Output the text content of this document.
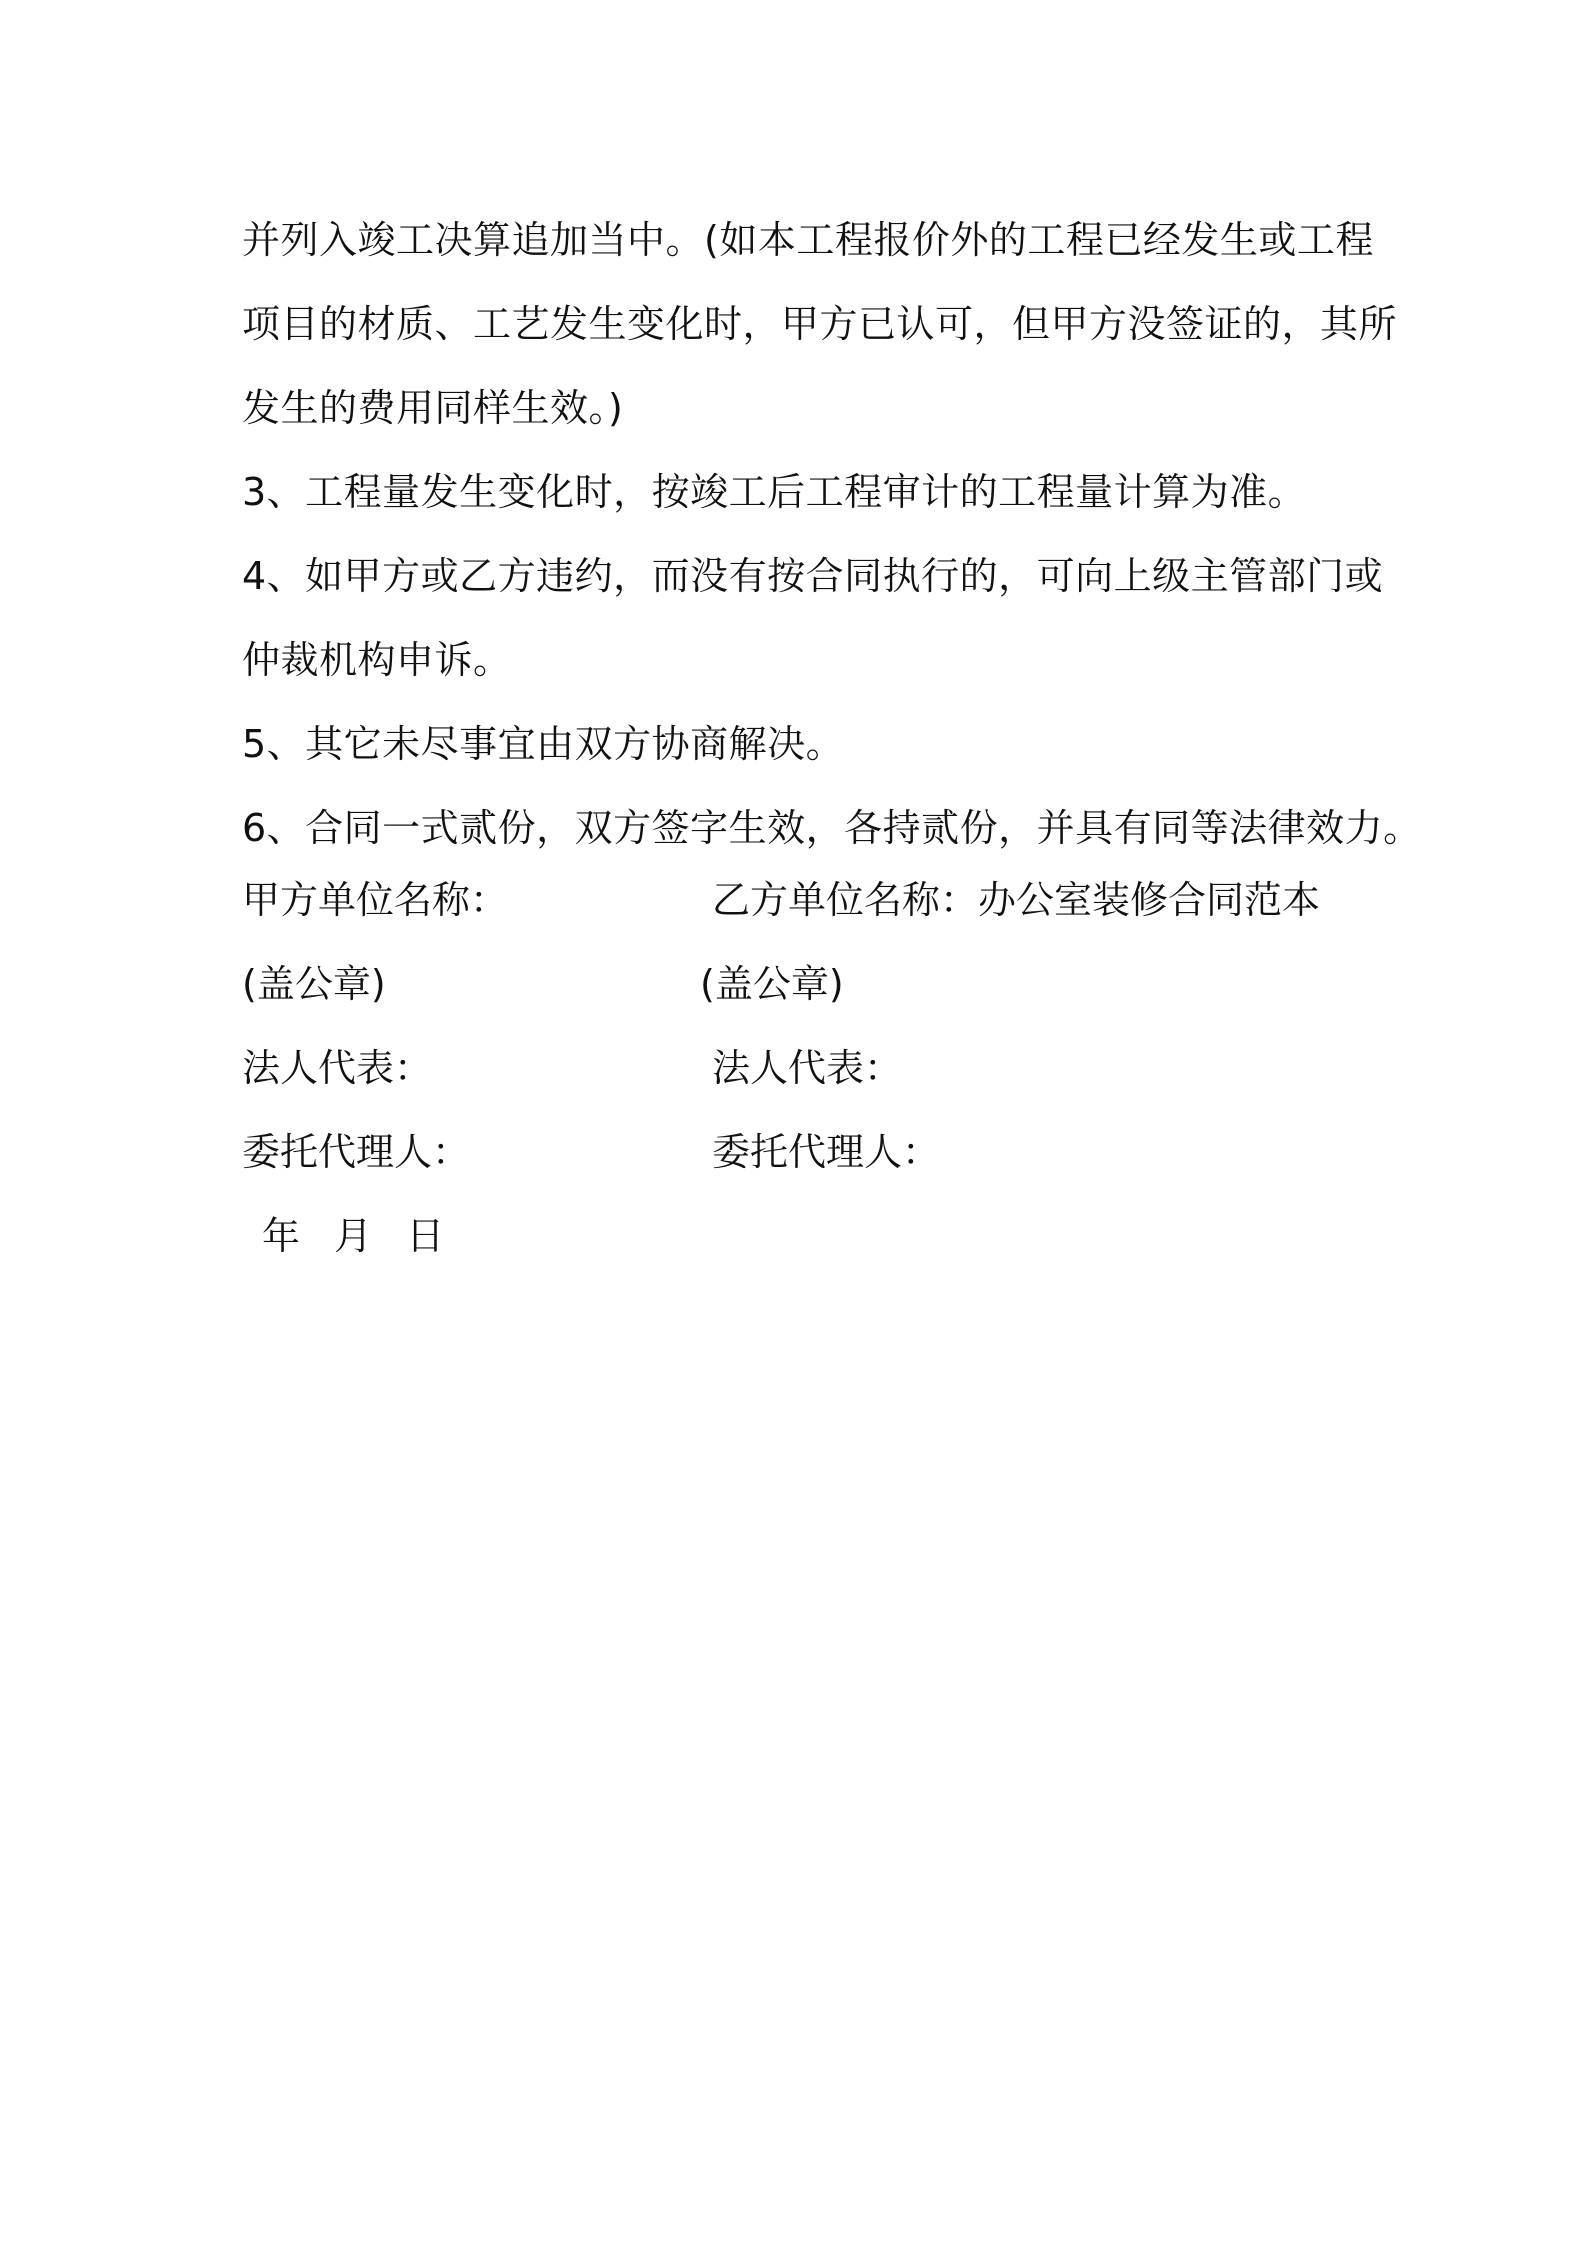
并列入竣工决算追加当中。(如本工程报价外的工程已经发生或工程
项目的材质、工艺发生变化时，甲方已认可，但甲方没签证的，其所
发生的费用同样生效。)
3、工程量发生变化时，按竣工后工程审计的工程量计算为准。
4、如甲方或乙方违约，而没有按合同执行的，可向上级主管部门或
仲裁机构申诉。
5、其它未尽事宜由双方协商解决。
6、合同一式贰份，双方签字生效，各持贰份，并具有同等法律效力。
甲方单位名称：	乙方单位名称：办公室装修合同范本
(盖公章)	(盖公章)
法人代表：	法人代表：
委托代理人：	委托代理人：
年 月 日
